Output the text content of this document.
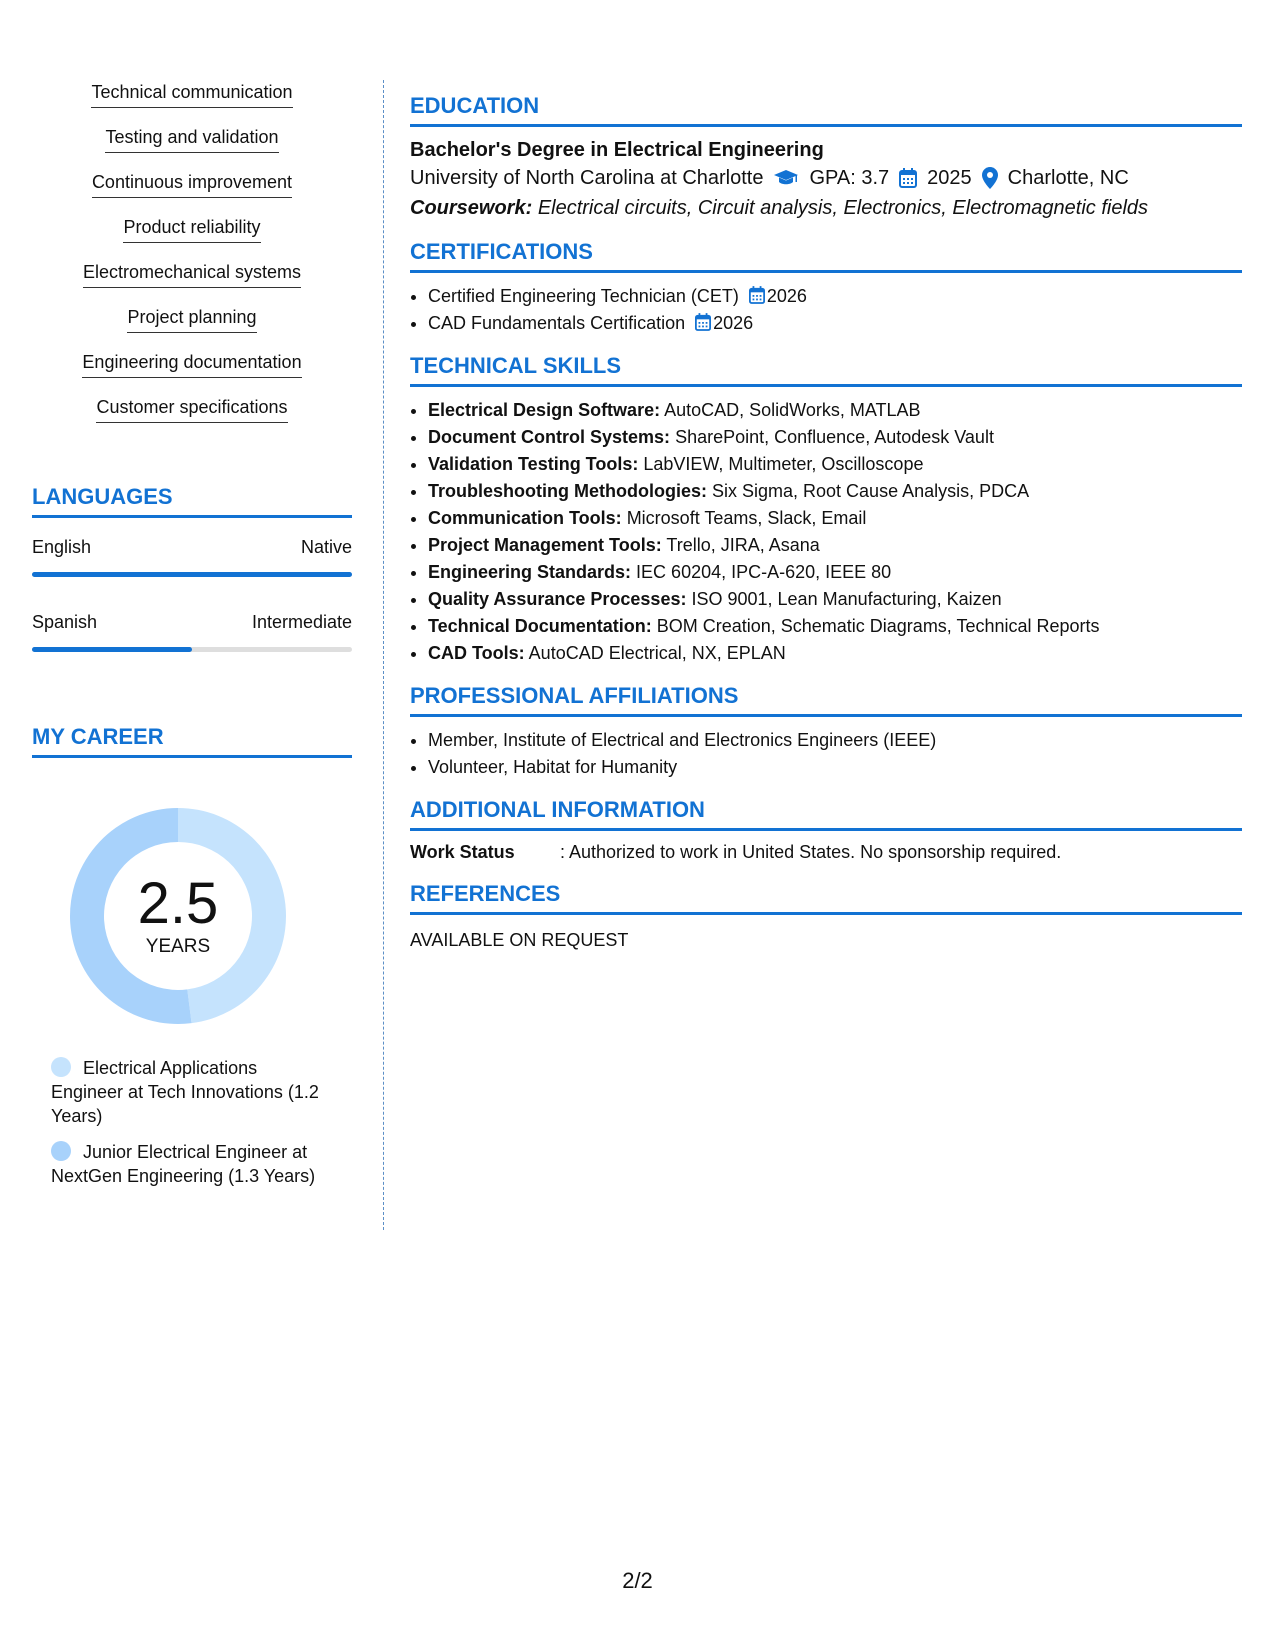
Technical communication
Testing and validation
Continuous improvement
Product reliability
Electromechanical systems
Project planning
Engineering documentation
Customer specifications
LANGUAGES
English	Native
Spanish	Intermediate
MY CAREER
2.5
YEARS
Electrical Applications Engineer at Tech Innovations (1.2 Years)
Junior Electrical Engineer at NextGen Engineering (1.3 Years)
EDUCATION
Bachelor's Degree in Electrical Engineering
University of North Carolina at Charlotte GPA: 3.7 2025 Charlotte, NC
Coursework: Electrical circuits, Circuit analysis, Electronics, Electromagnetic fields
CERTIFICATIONS
• Certified Engineering Technician (CET) 2026
• CAD Fundamentals Certification 2026
TECHNICAL SKILLS
• Electrical Design Software: AutoCAD, SolidWorks, MATLAB
• Document Control Systems: SharePoint, Confluence, Autodesk Vault
• Validation Testing Tools: LabVIEW, Multimeter, Oscilloscope
• Troubleshooting Methodologies: Six Sigma, Root Cause Analysis, PDCA
• Communication Tools: Microsoft Teams, Slack, Email
• Project Management Tools: Trello, JIRA, Asana
• Engineering Standards: IEC 60204, IPC-A-620, IEEE 80
• Quality Assurance Processes: ISO 9001, Lean Manufacturing, Kaizen
• Technical Documentation: BOM Creation, Schematic Diagrams, Technical Reports
• CAD Tools: AutoCAD Electrical, NX, EPLAN
PROFESSIONAL AFFILIATIONS
• Member, Institute of Electrical and Electronics Engineers (IEEE)
• Volunteer, Habitat for Humanity
ADDITIONAL INFORMATION
Work Status	: Authorized to work in United States. No sponsorship required.
REFERENCES
AVAILABLE ON REQUEST
2/2
